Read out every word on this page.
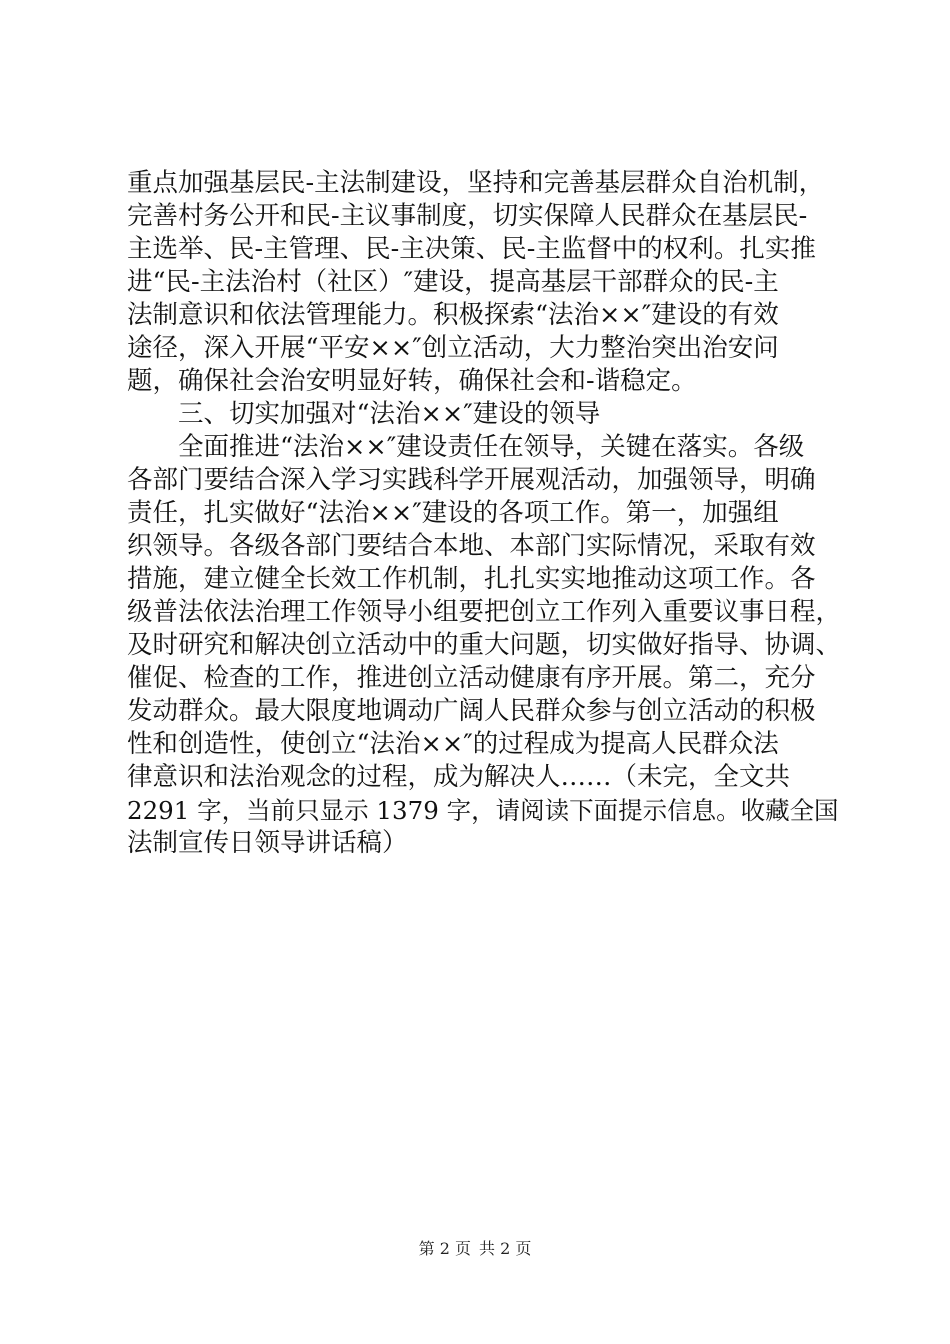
重点加强基层民-主法制建设，坚持和完善基层群众自治机制，
完善村务公开和民-主议事制度，切实保障人民群众在基层民-
主选举、民-主管理、民-主决策、民-主监督中的权利。扎实推
进“民-主法治村（社区）″建设，提高基层干部群众的民-主
法制意识和依法管理能力。积极探索“法治××″建设的有效
途径，深入开展“平安××″创立活动，大力整治突出治安问
题，确保社会治安明显好转，确保社会和-谐稳定。
　　三、切实加强对“法治××″建设的领导
　　全面推进“法治××″建设责任在领导，关键在落实。各级
各部门要结合深入学习实践科学开展观活动，加强领导，明确
责任，扎实做好“法治××″建设的各项工作。第一，加强组
织领导。各级各部门要结合本地、本部门实际情况，采取有效
措施，建立健全长效工作机制，扎扎实实地推动这项工作。各
级普法依法治理工作领导小组要把创立工作列入重要议事日程，
及时研究和解决创立活动中的重大问题，切实做好指导、协调、
催促、检查的工作，推进创立活动健康有序开展。第二，充分
发动群众。最大限度地调动广阔人民群众参与创立活动的积极
性和创造性，使创立“法治××″的过程成为提高人民群众法
律意识和法治观念的过程，成为解决人……（未完，全文共
2291 字，当前只显示 1379 字，请阅读下面提示信息。收藏全国
法制宣传日领导讲话稿）
第 2 页 共 2 页
